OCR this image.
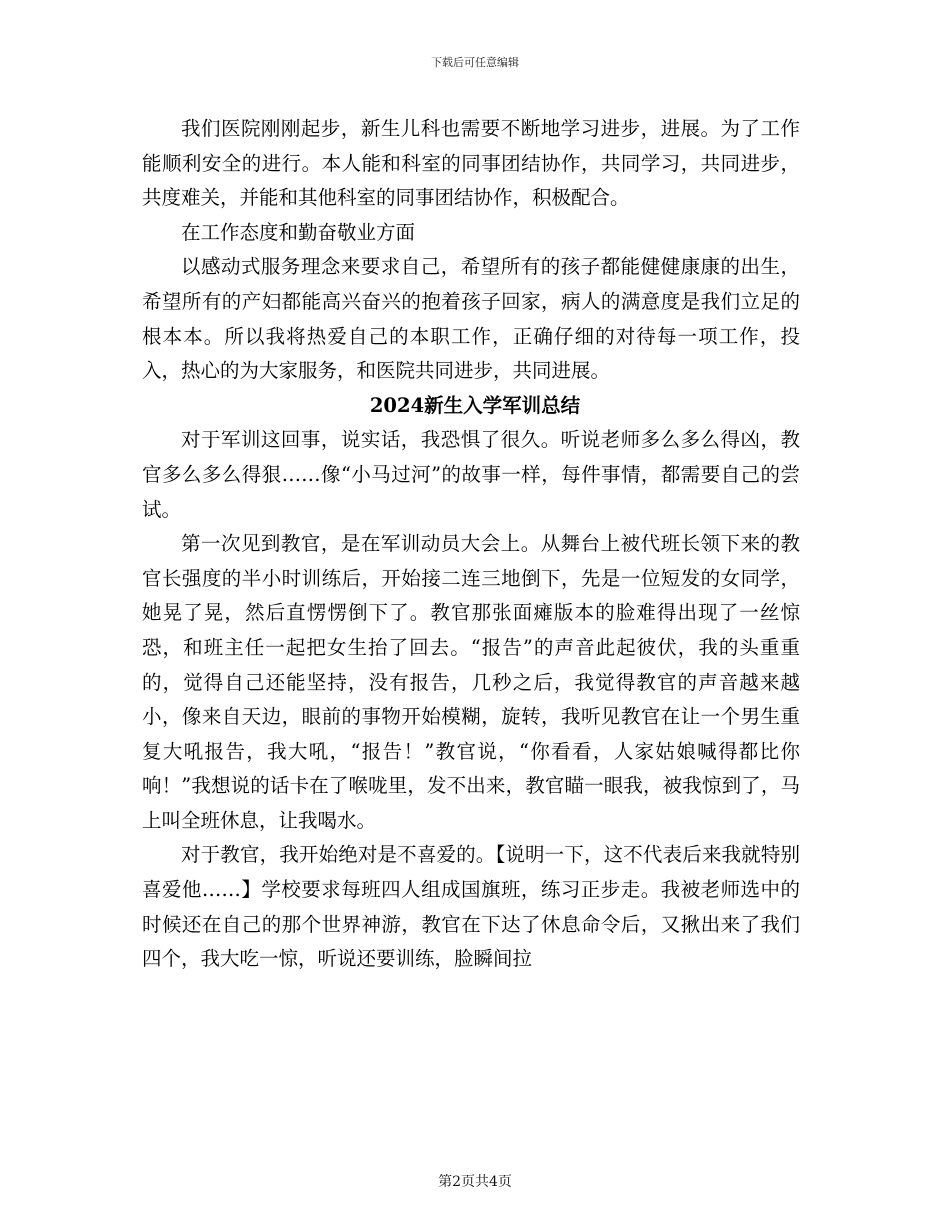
下载后可任意编辑

我们医院刚刚起步，新生儿科也需要不断地学习进步，进展。为了工作能顺利安全的进行。本人能和科室的同事团结协作，共同学习，共同进步，共度难关，并能和其他科室的同事团结协作，积极配合。

在工作态度和勤奋敬业方面

以感动式服务理念来要求自己，希望所有的孩子都能健健康康的出生，希望所有的产妇都能高兴奋兴的抱着孩子回家，病人的满意度是我们立足的根本本。所以我将热爱自己的本职工作，正确仔细的对待每一项工作，投入，热心的为大家服务，和医院共同进步，共同进展。

2024新生入学军训总结

对于军训这回事，说实话，我恐惧了很久。听说老师多么多么得凶，教官多么多么得狠……像“小马过河”的故事一样，每件事情，都需要自己的尝试。

第一次见到教官，是在军训动员大会上。从舞台上被代班长领下来的教官长强度的半小时训练后，开始接二连三地倒下，先是一位短发的女同学，她晃了晃，然后直愣愣倒下了。教官那张面瘫版本的脸难得出现了一丝惊恐，和班主任一起把女生抬了回去。“报告”的声音此起彼伏，我的头重重的，觉得自己还能坚持，没有报告，几秒之后，我觉得教官的声音越来越小，像来自天边，眼前的事物开始模糊，旋转，我听见教官在让一个男生重复大吼报告，我大吼，“报告！”教官说，“你看看，人家姑娘喊得都比你响！”我想说的话卡在了喉咙里，发不出来，教官瞄一眼我，被我惊到了，马上叫全班休息，让我喝水。

对于教官，我开始绝对是不喜爱的。【说明一下，这不代表后来我就特别喜爱他……】学校要求每班四人组成国旗班，练习正步走。我被老师选中的时候还在自己的那个世界神游，教官在下达了休息命令后，又揪出来了我们四个，我大吃一惊，听说还要训练，脸瞬间拉

第2页共4页
